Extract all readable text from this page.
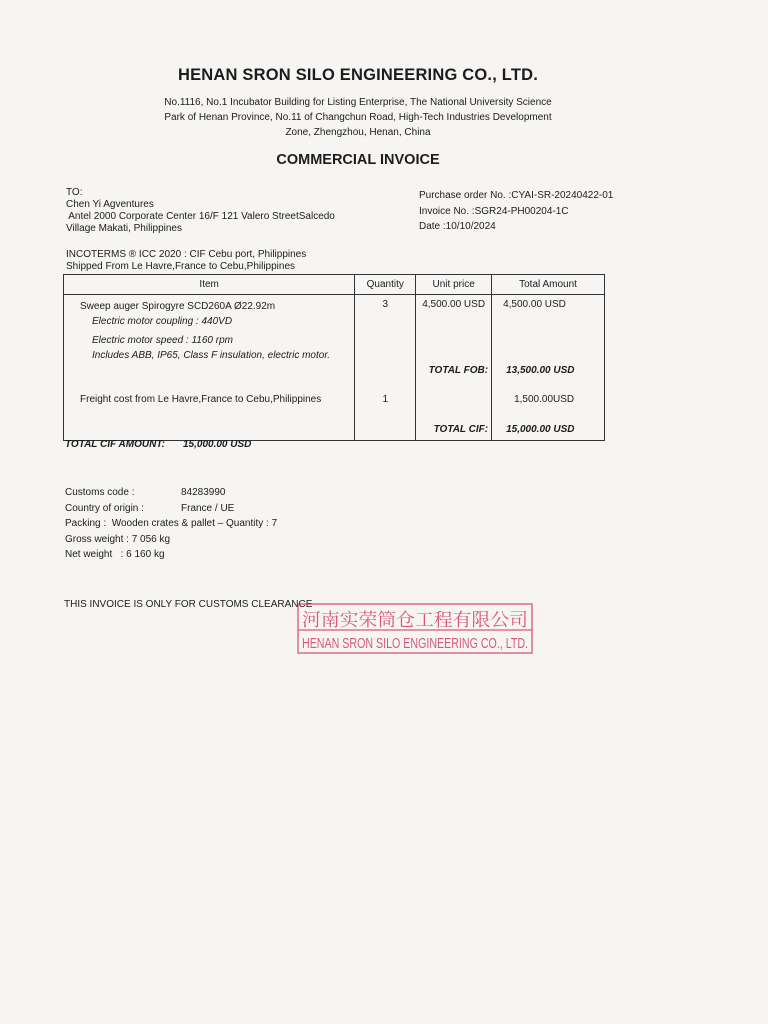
HENAN SRON SILO ENGINEERING CO., LTD.
No.1116, No.1 Incubator Building for Listing Enterprise, The National University Science
Park of Henan Province, No.11 of Changchun Road, High-Tech Industries Development
Zone, Zhengzhou, Henan, China
COMMERCIAL INVOICE
TO:
Chen Yi Agventures
Antel 2000 Corporate Center 16/F 121 Valero StreetSalcedo
Village Makati, Philippines
Purchase order No. :CYAI-SR-20240422-01
Invoice No. :SGR24-PH00204-1C
Date :10/10/2024
INCOTERMS ® ICC 2020 : CIF Cebu port, Philippines
Shipped From Le Havre,France to Cebu,Philippines
Item	Quantity	Unit price	Total Amount

Sweep auger Spirogyre SCD260A Ø22.92m
Electric motor coupling : 440VD
Electric motor speed : 1160 rpm
Includes ABB, IP65, Class F insulation, electric motor.	3	4,500.00 USD	4,500.00 USD
		TOTAL FOB:	13,500.00 USD
Freight cost from Le Havre,France to Cebu,Philippines	1		1,500.00USD
		TOTAL CIF:	15,000.00 USD
TOTAL CIF AMOUNT: 15,000.00 USD
Customs code :	84283990
Country of origin :	France / UE
Packing :  Wooden crates & pallet – Quantity : 7
Gross weight : 7 056 kg
Net weight   : 6 160 kg
THIS INVOICE IS ONLY FOR CUSTOMS CLEARANCE
河南实荣筒仓工程有限公司
HENAN SRON SILO ENGINEERING CO., LTD.
